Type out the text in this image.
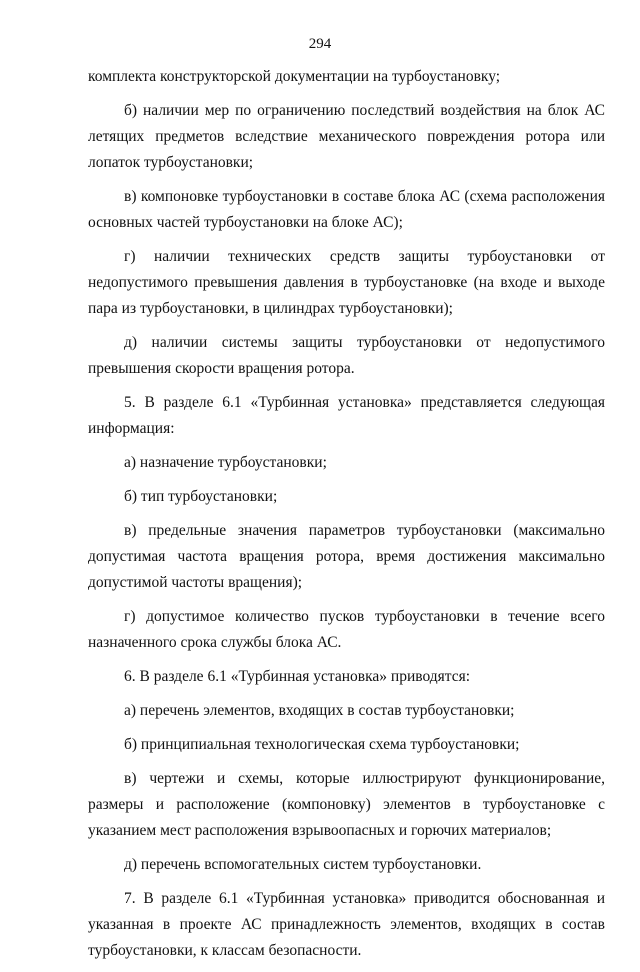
294

комплекта конструкторской документации на турбоустановку;

б) наличии мер по ограничению последствий воздействия на блок АС летящих предметов вследствие механического повреждения ротора или лопаток турбоустановки;

в) компоновке турбоустановки в составе блока АС (схема расположения основных частей турбоустановки на блоке АС);

г) наличии технических средств защиты турбоустановки от недопустимого превышения давления в турбоустановке (на входе и выходе пара из турбоустановки, в цилиндрах турбоустановки);

д) наличии системы защиты турбоустановки от недопустимого превышения скорости вращения ротора.

5. В разделе 6.1 «Турбинная установка» представляется следующая информация:

а) назначение турбоустановки;

б) тип турбоустановки;

в) предельные значения параметров турбоустановки (максимально допустимая частота вращения ротора, время достижения максимально допустимой частоты вращения);

г) допустимое количество пусков турбоустановки в течение всего назначенного срока службы блока АС.

6. В разделе 6.1 «Турбинная установка» приводятся:

а) перечень элементов, входящих в состав турбоустановки;

б) принципиальная технологическая схема турбоустановки;

в) чертежи и схемы, которые иллюстрируют функционирование, размеры и расположение (компоновку) элементов в турбоустановке с указанием мест расположения взрывоопасных и горючих материалов;

д) перечень вспомогательных систем турбоустановки.

7. В разделе 6.1 «Турбинная установка» приводится обоснованная и указанная в проекте АС принадлежность элементов, входящих в состав турбоустановки, к классам безопасности.
